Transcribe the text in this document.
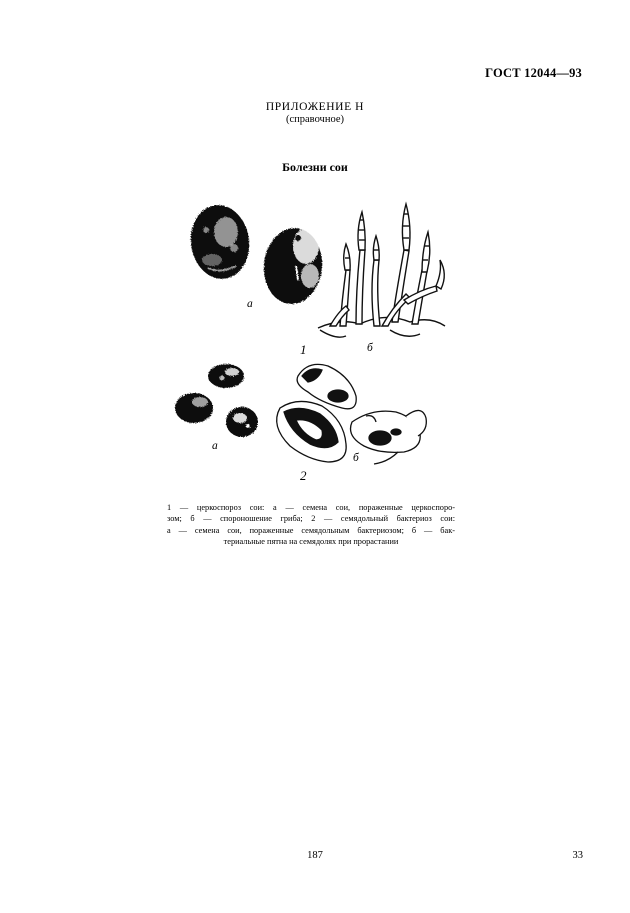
ГОСТ 12044—93
ПРИЛОЖЕНИЕ Н
(справочное)
Болезни сои
а
б
1
а
б
2
1 — церкоспороз сои: а — семена сои, пораженные церкоспоро-
зом; б — спороношение гриба; 2 — семядольный бактериоз сои:
а — семена сои, пораженные семядольным бактериозом; б — бак-
териальные пятна на семядолях при прорастании
187	33
